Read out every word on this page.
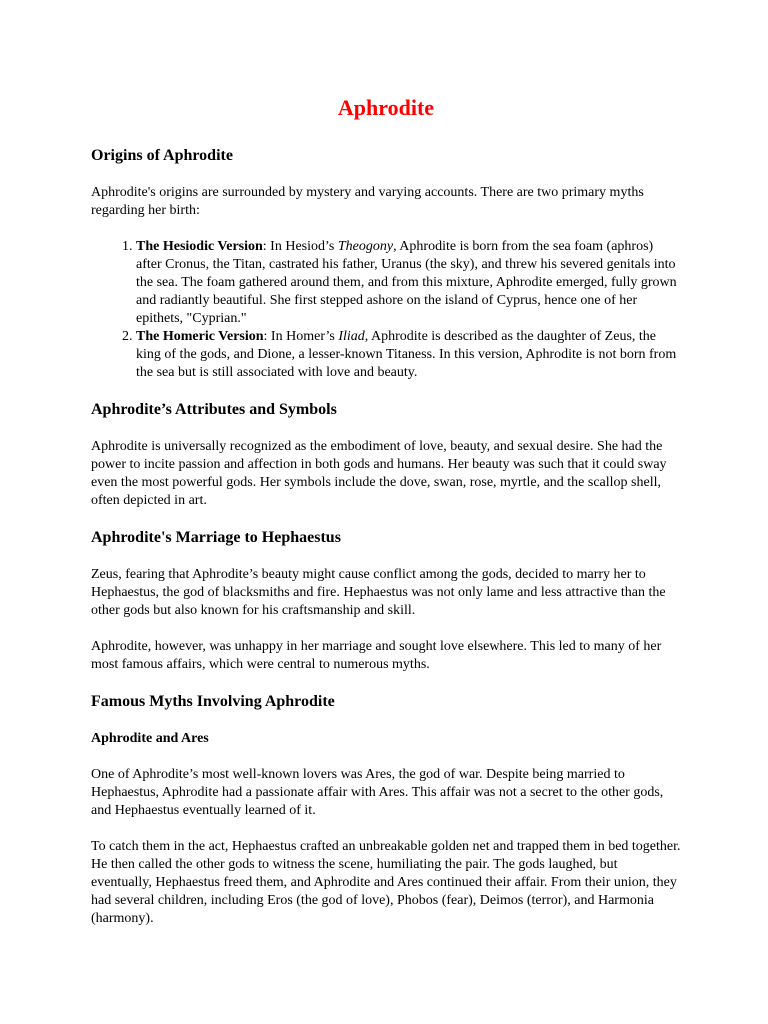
Aphrodite
Origins of Aphrodite

Aphrodite's origins are surrounded by mystery and varying accounts. There are two primary myths regarding her birth:

1. The Hesiodic Version: In Hesiod’s Theogony, Aphrodite is born from the sea foam (aphros) after Cronus, the Titan, castrated his father, Uranus (the sky), and threw his severed genitals into the sea. The foam gathered around them, and from this mixture, Aphrodite emerged, fully grown and radiantly beautiful. She first stepped ashore on the island of Cyprus, hence one of her epithets, "Cyprian."
2. The Homeric Version: In Homer’s Iliad, Aphrodite is described as the daughter of Zeus, the king of the gods, and Dione, a lesser-known Titaness. In this version, Aphrodite is not born from the sea but is still associated with love and beauty.
Aphrodite’s Attributes and Symbols

Aphrodite is universally recognized as the embodiment of love, beauty, and sexual desire. She had the power to incite passion and affection in both gods and humans. Her beauty was such that it could sway even the most powerful gods. Her symbols include the dove, swan, rose, myrtle, and the scallop shell, often depicted in art.

Aphrodite's Marriage to Hephaestus

Zeus, fearing that Aphrodite’s beauty might cause conflict among the gods, decided to marry her to Hephaestus, the god of blacksmiths and fire. Hephaestus was not only lame and less attractive than the other gods but also known for his craftsmanship and skill.

Aphrodite, however, was unhappy in her marriage and sought love elsewhere. This led to many of her most famous affairs, which were central to numerous myths.

Famous Myths Involving Aphrodite
Aphrodite and Ares

One of Aphrodite’s most well-known lovers was Ares, the god of war. Despite being married to Hephaestus, Aphrodite had a passionate affair with Ares. This affair was not a secret to the other gods, and Hephaestus eventually learned of it.

To catch them in the act, Hephaestus crafted an unbreakable golden net and trapped them in bed together. He then called the other gods to witness the scene, humiliating the pair. The gods laughed, but eventually, Hephaestus freed them, and Aphrodite and Ares continued their affair. From their union, they had several children, including Eros (the god of love), Phobos (fear), Deimos (terror), and Harmonia (harmony).
